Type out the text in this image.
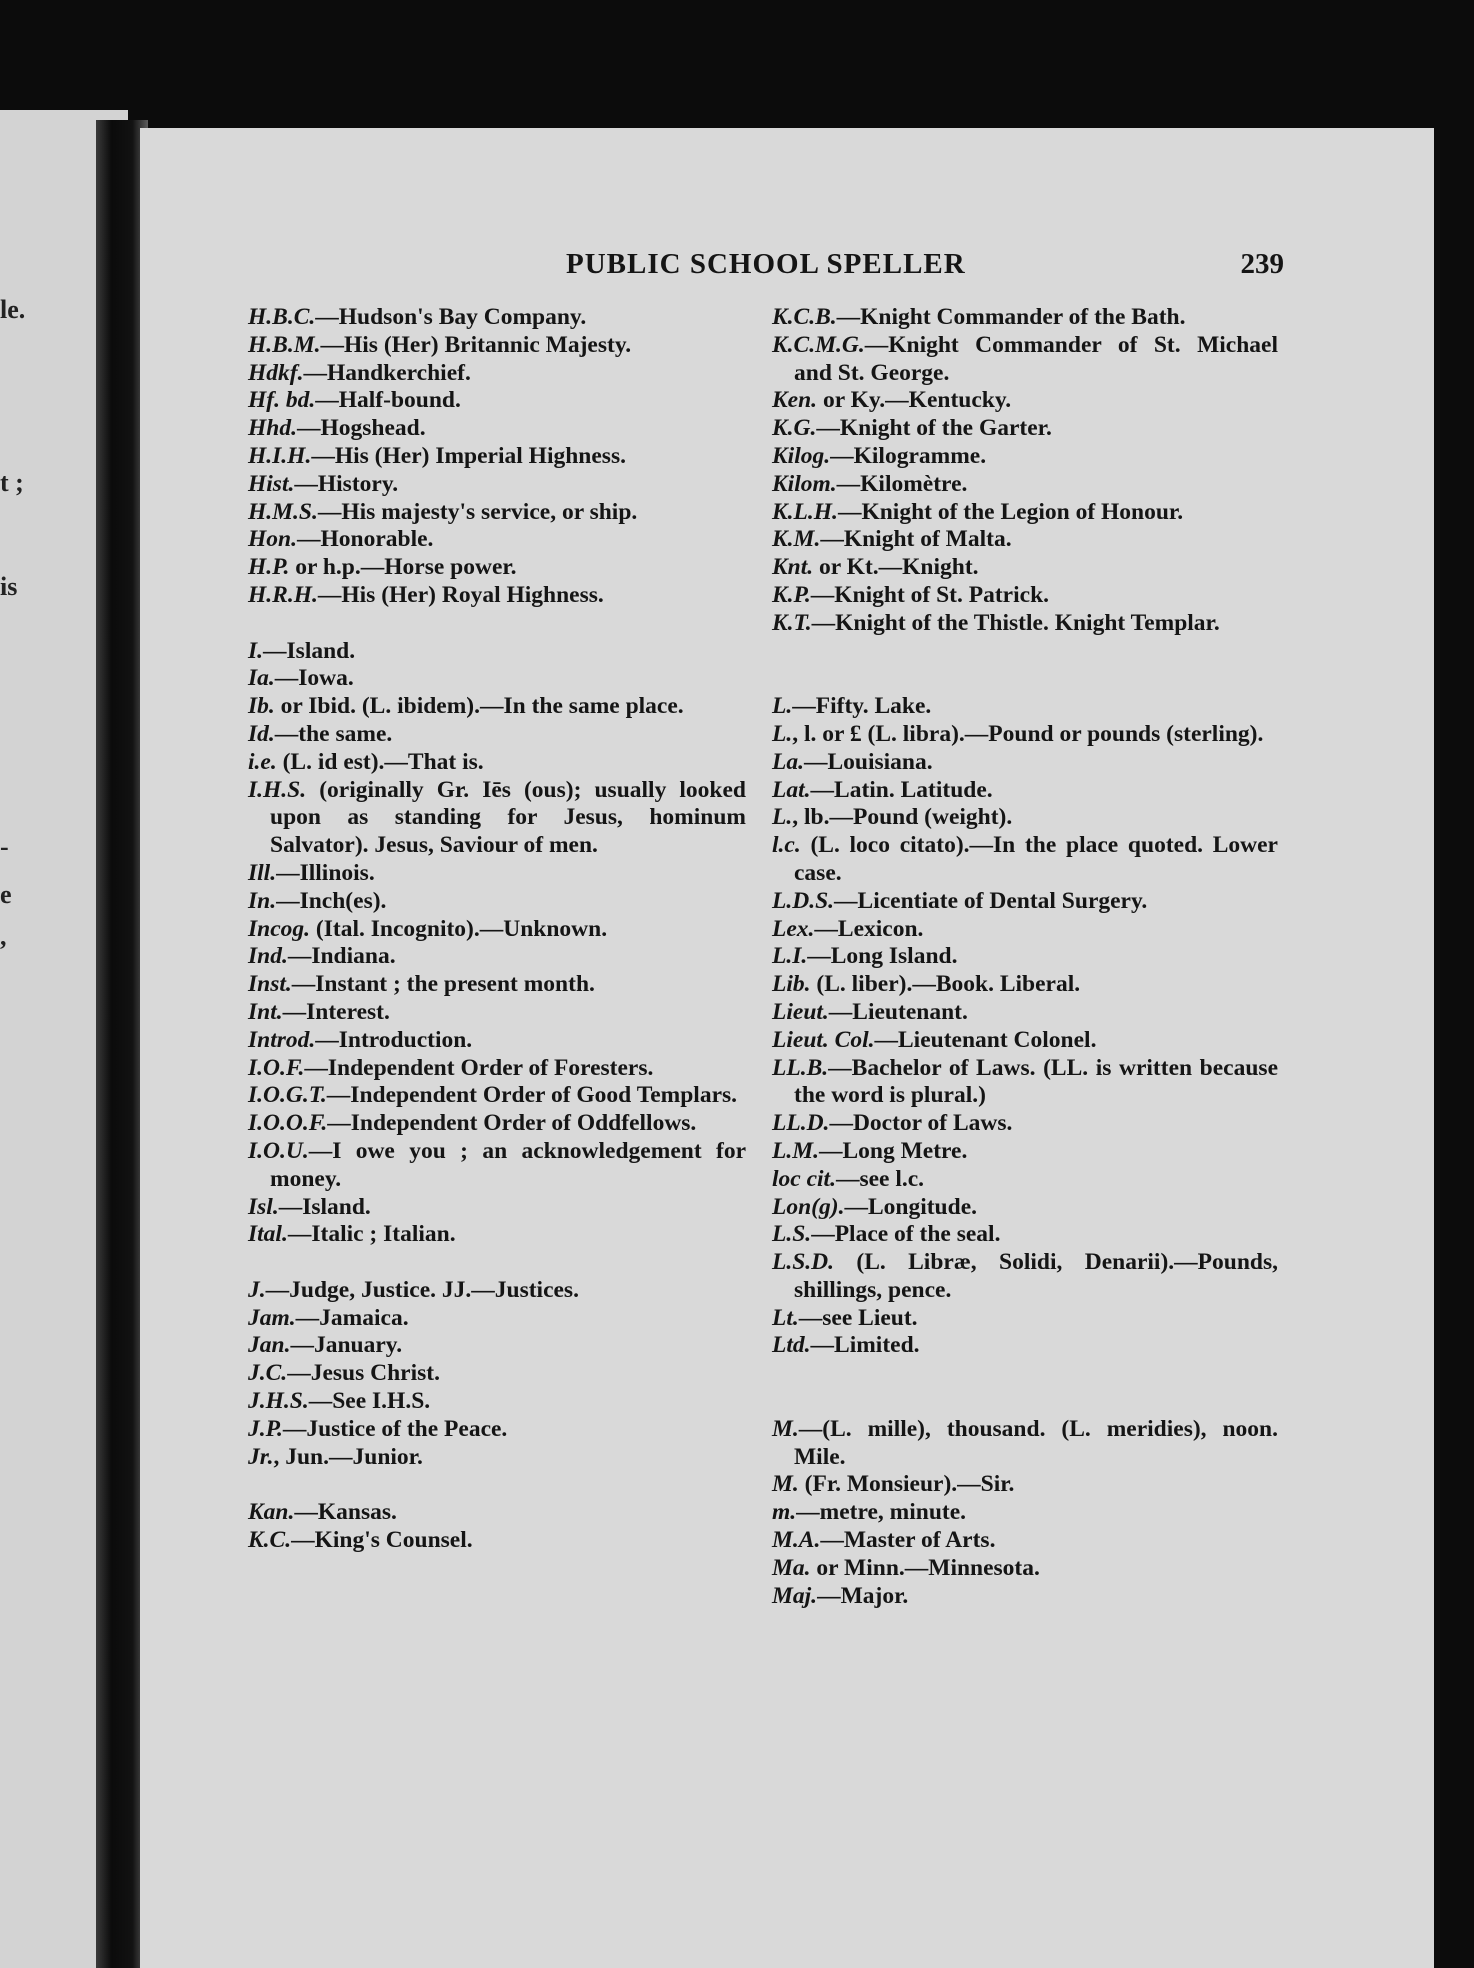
le.
t ;
is
-
e
,
PUBLIC SCHOOL SPELLER	239
H.B.C.—Hudson's Bay Company.
H.B.M.—His (Her) Britannic Majesty.
Hdkf.—Handkerchief.
Hf. bd.—Half-bound.
Hhd.—Hogshead.
H.I.H.—His (Her) Imperial Highness.
Hist.—History.
H.M.S.—His majesty's service, or ship.
Hon.—Honorable.
H.P. or h.p.—Horse power.
H.R.H.—His (Her) Royal Highness.
I.—Island.
Ia.—Iowa.
Ib. or Ibid. (L. ibidem).—In the same place.
Id.—the same.
i.e. (L. id est).—That is.
I.H.S. (originally Gr. Iēs (ous); usually looked upon as standing for Jesus, hominum Salvator). Jesus, Saviour of men.
Ill.—Illinois.
In.—Inch(es).
Incog. (Ital. Incognito).—Unknown.
Ind.—Indiana.
Inst.—Instant ; the present month.
Int.—Interest.
Introd.—Introduction.
I.O.F.—Independent Order of Foresters.
I.O.G.T.—Independent Order of Good Templars.
I.O.O.F.—Independent Order of Oddfellows.
I.O.U.—I owe you ; an acknowledgement for money.
Isl.—Island.
Ital.—Italic ; Italian.
J.—Judge, Justice. JJ.—Justices.
Jam.—Jamaica.
Jan.—January.
J.C.—Jesus Christ.
J.H.S.—See I.H.S.
J.P.—Justice of the Peace.
Jr., Jun.—Junior.
Kan.—Kansas.
K.C.—King's Counsel.
K.C.B.—Knight Commander of the Bath.
K.C.M.G.—Knight Commander of St. Michael and St. George.
Ken. or Ky.—Kentucky.
K.G.—Knight of the Garter.
Kilog.—Kilogramme.
Kilom.—Kilomètre.
K.L.H.—Knight of the Legion of Honour.
K.M.—Knight of Malta.
Knt. or Kt.—Knight.
K.P.—Knight of St. Patrick.
K.T.—Knight of the Thistle. Knight Templar.
L.—Fifty. Lake.
L., l. or £ (L. libra).—Pound or pounds (sterling).
La.—Louisiana.
Lat.—Latin. Latitude.
L., lb.—Pound (weight).
l.c. (L. loco citato).—In the place quoted. Lower case.
L.D.S.—Licentiate of Dental Surgery.
Lex.—Lexicon.
L.I.—Long Island.
Lib. (L. liber).—Book. Liberal.
Lieut.—Lieutenant.
Lieut. Col.—Lieutenant Colonel.
LL.B.—Bachelor of Laws. (LL. is written because the word is plural.)
LL.D.—Doctor of Laws.
L.M.—Long Metre.
loc cit.—see l.c.
Lon(g).—Longitude.
L.S.—Place of the seal.
L.S.D. (L. Libræ, Solidi, Denarii).—Pounds, shillings, pence.
Lt.—see Lieut.
Ltd.—Limited.
M.—(L. mille), thousand. (L. meridies), noon. Mile.
M. (Fr. Monsieur).—Sir.
m.—metre, minute.
M.A.—Master of Arts.
Ma. or Minn.—Minnesota.
Maj.—Major.
